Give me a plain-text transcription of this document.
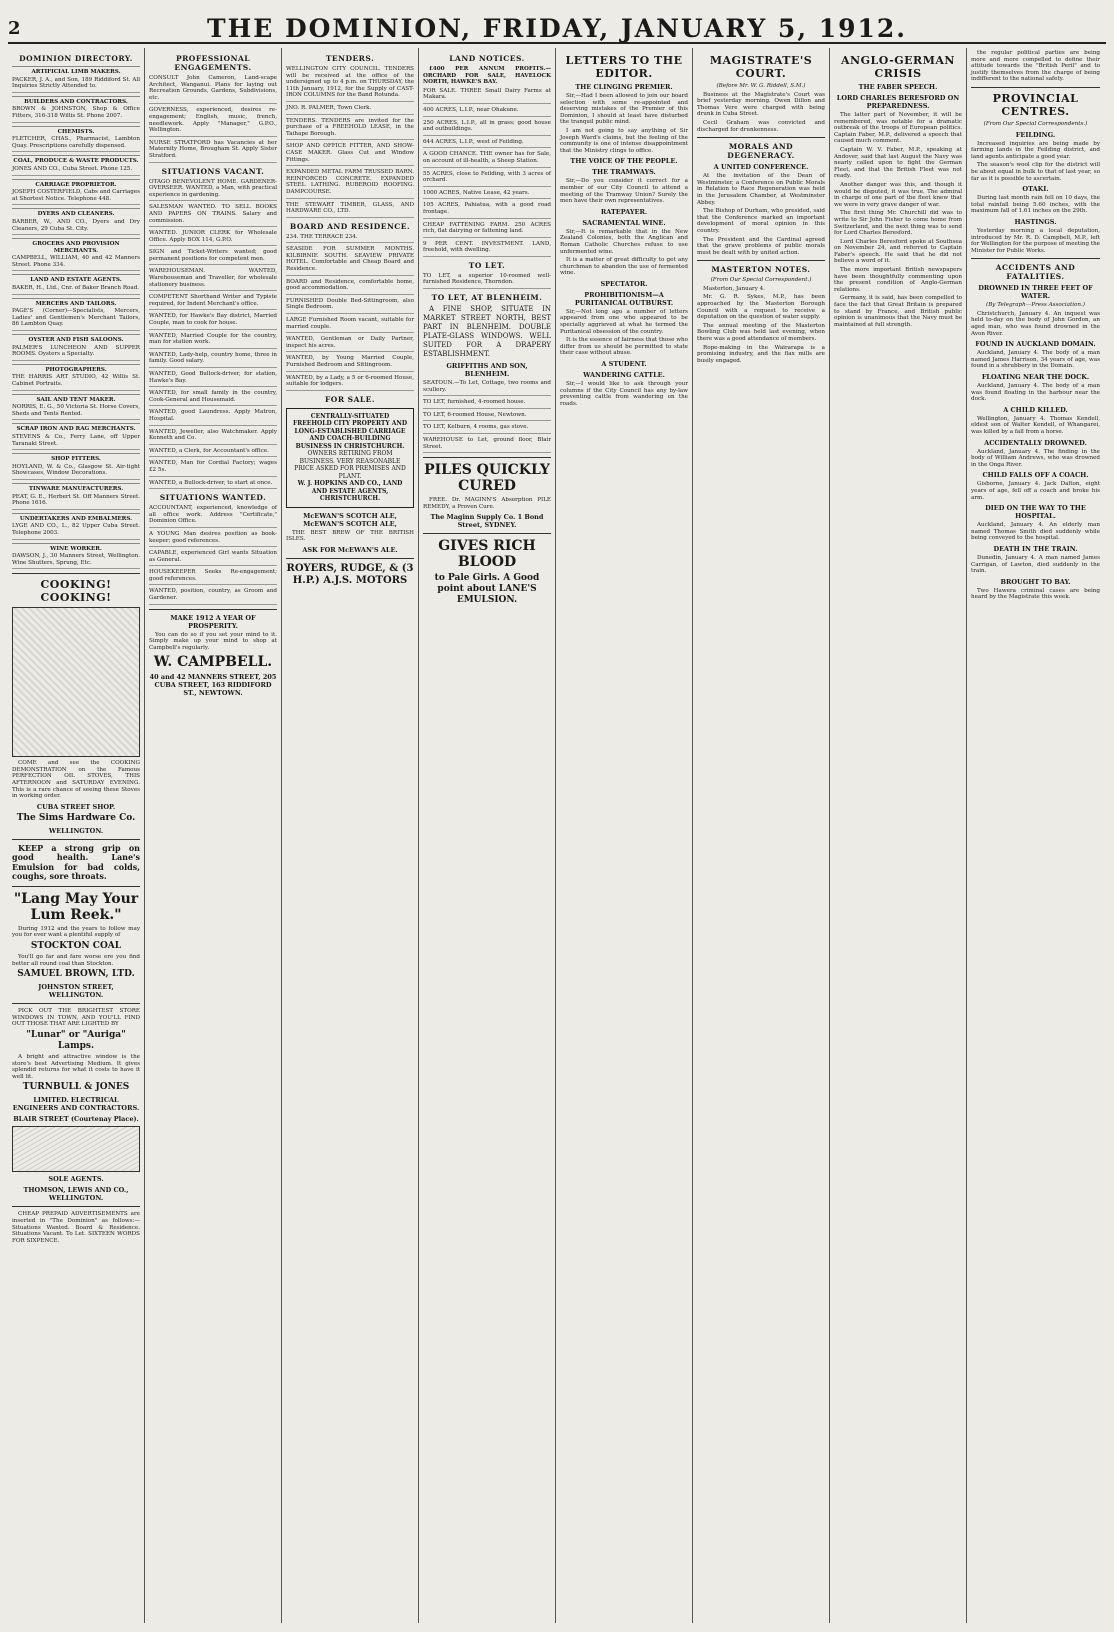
2	THE DOMINION, FRIDAY, JANUARY 5, 1912.
DOMINION DIRECTORY.
ARTIFICIAL LIMB MAKERS.
PACKER, J. A., and Son, 189 Riddiford St. All Inquiries Strictly Attended to.
BUILDERS AND CONTRACTORS.
BROWN & JOHNSTON, Shop & Office Fitters, 316-318 Willis St. Phone 2007.
CHEMISTS.
FLETCHER, CHAS., Pharmacist, Lambton Quay. Prescriptions carefully dispensed.
COAL, PRODUCE & WASTE PRODUCTS.
JONES AND CO., Cuba Street. Phone 125.
CARRIAGE PROPRIETOR.
JOSEPH COSTERFIELD, Cabs and Carriages at Shortest Notice. Telephone 448.
DYERS AND CLEANERS.
BARBER, W., AND CO., Dyers and Dry Cleaners, 29 Cuba St. City.
GROCERS AND PROVISION MERCHANTS.
CAMPBELL, WILLIAM, 40 and 42 Manners Street. Phone 334.
LAND AND ESTATE AGENTS.
BAKER, H., Ltd., Cnr. of Baker Branch Road.
MERCERS AND TAILORS.
PAGE'S (Corner)—Specialists, Mercers, Ladies' and Gentlemen's Merchant Tailors, 86 Lambton Quay.
OYSTER AND FISH SALOONS.
PALMER'S LUNCHEON AND SUPPER ROOMS. Oysters a Specialty.
PHOTOGRAPHERS.
THE HARRIS ART STUDIO, 42 Willis St. Cabinet Portraits.
SAIL AND TENT MAKER.
NORRIS, E. G., 50 Victoria St. Horse Covers, Sheds and Tents Rented.
SCRAP IRON AND RAG MERCHANTS.
STEVENS & Co., Ferry Lane, off Upper Taranaki Street.
SHOP FITTERS.
HOYLAND, W. & Co., Glasgow St. Air-tight Showcases, Window Decorations.
TINWARE MANUFACTURERS.
PEAT, G. E., Herbert St. Off Manners Street. Phone 1616.
UNDERTAKERS AND EMBALMERS.
LYGE AND CO., L., 82 Upper Cuba Street. Telephone 2003.
WINE WORKER.
DAWSON, J., 30 Manners Street, Wellington. Wine Shutters, Sprung, Etc.
COOKING! COOKING!
COME and see the COOKING DEMONSTRATION on the Famous PERFECTION OIL STOVES, THIS AFTERNOON and SATURDAY EVENING. This is a rare chance of seeing these Stoves in working order.
CUBA STREET SHOP.
The Sims Hardware Co.
WELLINGTON.
KEEP a strong grip on good health. Lane's Emulsion for bad colds, coughs, sore throats.
"Lang May Your Lum Reek."
During 1912 and the years to follow may you for ever want a plentiful supply of
STOCKTON COAL
You'll go far and fare worse ere you find better all round coal than Stockton.
SAMUEL BROWN, LTD.
JOHNSTON STREET, WELLINGTON.
PICK OUT THE BRIGHTEST STORE WINDOWS IN TOWN, AND YOU'LL FIND OUT THOSE THAT ARE LIGHTED BY
"Lunar" or "Auriga" Lamps.
A bright and attractive window is the store's best Advertising Medium. It gives splendid returns for what it costs to have it well lit.
TURNBULL & JONES
LIMITED. ELECTRICAL ENGINEERS AND CONTRACTORS.
BLAIR STREET (Courtenay Place).
SOLE AGENTS.
THOMSON, LEWIS AND CO., WELLINGTON.
CHEAP PREPAID ADVERTISEMENTS are inserted in "The Dominion" as follows:— Situations Wanted. Board & Residence. Situations Vacant. To Let. SIXTEEN WORDS FOR SIXPENCE.
PROFESSIONAL ENGAGEMENTS.
CONSULT John Cameron, Land-scape Architect, Wanganui. Plans for laying out Recreation Grounds, Gardens, Subdivisions, etc.
GOVERNESS, experienced, desires re-engagement; English, music, french, needlework. Apply "Manager," G.P.O., Wellington.
NURSE STRATFORD has Vacancies at her Maternity Home, Brougham St. Apply Sister Stratford.
SITUATIONS VACANT.
OTAGO BENEVOLENT HOME. GARDENER-OVERSEER. WANTED, a Man, with practical experience in gardening.
SALESMAN WANTED. TO SELL BOOKS AND PAPERS ON TRAINS. Salary and commission.
WANTED. JUNIOR CLERK for Wholesale Office. Apply BOX 114, G.P.O.
SIGN and Ticket-Writers wanted; good permanent positions for competent men.
WAREHOUSEMAN. WANTED, Warehouseman and Traveller, for wholesale stationery business.
COMPETENT Shorthand Writer and Typiste required, for Indent Merchant's office.
WANTED, for Hawke's Bay district, Married Couple, man to cook for house.
WANTED, Married Couple for the country, man for station work.
WANTED, Lady-help, country home, three in family. Good salary.
WANTED, Good Bullock-driver, for station, Hawke's Bay.
WANTED, for small family in the country, Cook-General and Housemaid.
WANTED, good Laundress. Apply Matron, Hospital.
WANTED, Jeweller, also Watchmaker. Apply Kenneth and Co.
WANTED, a Clerk, for Accountant's office.
WANTED, Man for Cordial Factory; wages £2 5s.
WANTED, a Bullock-driver, to start at once.
SITUATIONS WANTED.
ACCOUNTANT, experienced, knowledge of all office work. Address "Certificate," Dominion Office.
A YOUNG Man desires position as book-keeper; good references.
CAPABLE, experienced Girl wants Situation as General.
HOUSEKEEPER Seeks Re-engagement; good references.
WANTED, position, country, as Groom and Gardener.
MAKE 1912 A YEAR OF PROSPERITY.
You can do so if you set your mind to it. Simply make up your mind to shop at Campbell's regularly.
W. CAMPBELL.
40 and 42 MANNERS STREET, 205 CUBA STREET, 163 RIDDIFORD ST., NEWTOWN.
TENDERS.
WELLINGTON CITY COUNCIL. TENDERS will be received at the office of the undersigned up to 4 p.m. on THURSDAY, the 11th January, 1912, for the Supply of CAST-IRON COLUMNS for the Band Rotunda.
JNO. R. PALMER, Town Clerk.
TENDERS. TENDERS are invited for the purchase of a FREEHOLD LEASE, in the Taihape Borough.
SHOP AND OFFICE FITTER, AND SHOW-CASE MAKER. Glass Cut and Window Fittings.
EXPANDED METAL FARM TRUSSED BARN. REINFORCED CONCRETE. EXPANDED STEEL LATHING. RUBEROID ROOFING. DAMPCOURSE.
THE STEWART TIMBER, GLASS, AND HARDWARE CO., LTD.
BOARD AND RESIDENCE.
234. THE TERRACE 234.
SEASIDE FOR SUMMER MONTHS. KILBIRNIE SOUTH. SEAVIEW PRIVATE HOTEL. Comfortable and Cheap Board and Residence.
BOARD and Residence, comfortable home, good accommodation.
FURNISHED Double Bed-Sittingroom, also Single Bedroom.
LARGE Furnished Room vacant, suitable for married couple.
WANTED, Gentleman or Daily Partner, inspect his acres.
WANTED, by Young Married Couple, Furnished Bedroom and Sittingroom.
WANTED, by a Lady, a 5 or 6-roomed House, suitable for lodgers.
FOR SALE.
CENTRALLY-SITUATED FREEHOLD CITY PROPERTY AND LONG-ESTABLISHED CARRIAGE AND COACH-BUILDING BUSINESS IN CHRISTCHURCH.
OWNERS RETIRING FROM BUSINESS. VERY REASONABLE PRICE ASKED FOR PREMISES AND PLANT.
W. J. HOPKINS AND CO., LAND AND ESTATE AGENTS, CHRISTCHURCH.
McEWAN'S SCOTCH ALE, McEWAN'S SCOTCH ALE,
THE BEST BREW OF THE BRITISH ISLES.
ASK FOR McEWAN'S ALE.
ROYERS, RUDGE, & (3 H.P.) A.J.S. MOTORS
LAND NOTICES.
£400 PER ANNUM PROFITS.— ORCHARD FOR SALE, HAVELOCK NORTH, HAWKE'S BAY.
FOR SALE. THREE Small Dairy Farms at Makara.
400 ACRES, L.I.P., near Ohakune.
250 ACRES, L.I.P., all in grass; good house and outbuildings.
644 ACRES, L.I.P., west of Feilding.
A GOOD CHANCE. THE owner has for Sale, on account of ill-health, a Sheep Station.
55 ACRES, close to Feilding, with 3 acres of orchard.
1000 ACRES, Native Lease, 42 years.
105 ACRES, Pahiatua, with a good road frontage.
CHEAP FATTENING FARM. 250 ACRES rich, flat dairying or fattening land.
9 PER CENT. INVESTMENT. LAND, freehold, with dwelling.
TO LET.
TO LET, a superior 10-roomed well-furnished Residence, Thorndon.
TO LET, AT BLENHEIM.
A FINE SHOP, SITUATE IN MARKET STREET NORTH, BEST PART IN BLENHEIM. DOUBLE PLATE-GLASS WINDOWS. WELL SUITED FOR A DRAPERY ESTABLISHMENT.
GRIFFITHS AND SON, BLENHEIM.
SEATOUN.—To Let, Cottage, two rooms and scullery.
TO LET, furnished, 4-roomed house.
TO LET, 6-roomed House, Newtown.
TO LET, Kelburn, 4 rooms, gas stove.
WAREHOUSE to Let, ground floor, Blair Street.
PILES QUICKLY CURED
FREE. Dr. MAGINN'S Absorption PILE REMEDY, a Proven Cure.
The Maginn Supply Co. 1 Bond Street, SYDNEY.
GIVES RICH BLOOD
to Pale Girls. A Good point about LANE'S EMULSION.
LETTERS TO THE EDITOR.
THE CLINGING PREMIER.
Sir,—Had I been allowed to join our board selection with some re-appointed and deserving mistakes of the Premier of this Dominion, I should at least have disturbed the tranquil public mind.
I am not going to say anything of Sir Joseph Ward's claims, but the feeling of the community is one of intense disappointment that the Ministry clings to office.
THE VOICE OF THE PEOPLE.
THE TRAMWAYS.
Sir,—Do you consider it correct for a member of our City Council to attend a meeting of the Tramway Union? Surely the men have their own representatives.
RATEPAYER.
SACRAMENTAL WINE.
Sir,—It is remarkable that in the New Zealand Colonies, both the Anglican and Roman Catholic Churches refuse to use unfermented wine.
It is a matter of great difficulty to get any churchman to abandon the use of fermented wine.
SPECTATOR.
PROHIBITIONISM—A PURITANICAL OUTBURST.
Sir,—Not long ago a number of letters appeared from one who appeared to be specially aggrieved at what he termed the Puritanical obsession of the country.
It is the essence of fairness that those who differ from us should be permitted to state their case without abuse.
A STUDENT.
WANDERING CATTLE.
Sir,—I would like to ask through your columns if the City Council has any by-law preventing cattle from wandering on the roads.
MAGISTRATE'S COURT.
(Before Mr. W. G. Riddell, S.M.)
Business at the Magistrate's Court was brief yesterday morning. Owen Dillon and Thomas Vere were charged with being drunk in Cuba Street.
Cecil Graham was convicted and discharged for drunkenness.
MORALS AND DEGENERACY.
A UNITED CONFERENCE.
At the invitation of the Dean of Westminster, a Conference on Public Morals in Relation to Race Regeneration was held in the Jerusalem Chamber, at Westminster Abbey.
The Bishop of Durham, who presided, said that the Conference marked an important development of moral opinion in this country.
The President and the Cardinal agreed that the grave problems of public morals must be dealt with by united action.
MASTERTON NOTES.
(From Our Special Correspondent.)
Masterton, January 4.
Mr. G. R. Sykes, M.P., has been approached by the Masterton Borough Council with a request to receive a deputation on the question of water supply.
The annual meeting of the Masterton Bowling Club was held last evening, when there was a good attendance of members.
Rope-making in the Wairarapa is a promising industry, and the flax mills are busily engaged.
ANGLO-GERMAN CRISIS
THE FABER SPEECH.
LORD CHARLES BERESFORD ON PREPAREDNESS.
The latter part of November, it will be remembered, was notable for a dramatic outbreak of the troops of European politics. Captain Faber, M.P., delivered a speech that caused much comment.
Captain W. V. Faber, M.P., speaking at Andover, said that last August the Navy was nearly called upon to fight the German Fleet, and that the British Fleet was not ready.
Another danger was this, and though it would be disputed, it was true. The admiral in charge of one part of the fleet knew that we were in very grave danger of war.
The first thing Mr. Churchill did was to write to Sir John Fisher to come home from Switzerland, and the next thing was to send for Lord Charles Beresford.
Lord Charles Beresford spoke at Southsea on November 24, and referred to Captain Faber's speech. He said that he did not believe a word of it.
The more important British newspapers have been thoughtfully commenting upon the present condition of Anglo-German relations.
Germany, it is said, has been compelled to face the fact that Great Britain is prepared to stand by France, and British public opinion is unanimous that the Navy must be maintained at full strength.
the regular political parties are being more and more compelled to define their attitude towards the "British Peril" and to justify themselves from the charge of being indifferent to the national safety.
PROVINCIAL CENTRES.
(From Our Special Correspondents.)
FEILDING.
Increased inquiries are being made by farming lands in the Feilding district, and land agents anticipate a good year.
The season's wool clip for the district will be about equal in bulk to that of last year, so far as it is possible to ascertain.
OTAKI.
During last month rain fell on 10 days, the total rainfall being 5.60 inches, with the maximum fall of 1.61 inches on the 29th.
HASTINGS.
Yesterday morning a local deputation, introduced by Mr. R. D. Campbell, M.P., left for Wellington for the purpose of meeting the Minister for Public Works.
ACCIDENTS AND FATALITIES.
DROWNED IN THREE FEET OF WATER.
(By Telegraph—Press Association.)
Christchurch, January 4. An inquest was held to-day on the body of John Gordon, an aged man, who was found drowned in the Avon River.
FOUND IN AUCKLAND DOMAIN.
Auckland, January 4. The body of a man named James Harrison, 34 years of age, was found in a shrubbery in the Domain.
FLOATING NEAR THE DOCK.
Auckland, January 4. The body of a man was found floating in the harbour near the dock.
A CHILD KILLED.
Wellington, January 4. Thomas Kendell, eldest son of Walter Kendell, of Whangarei, was killed by a fall from a horse.
ACCIDENTALLY DROWNED.
Auckland, January 4. The finding in the body of William Andrews, who was drowned in the Onga River.
CHILD FALLS OFF A COACH.
Gisborne, January 4. Jack Dalton, eight years of age, fell off a coach and broke his arm.
DIED ON THE WAY TO THE HOSPITAL.
Auckland, January 4. An elderly man named Thomas Smith died suddenly while being conveyed to the hospital.
DEATH IN THE TRAIN.
Dunedin, January 4. A man named James Carrigan, of Lawton, died suddenly in the train.
BROUGHT TO BAY.
Two Hawera criminal cases are being heard by the Magistrate this week.
